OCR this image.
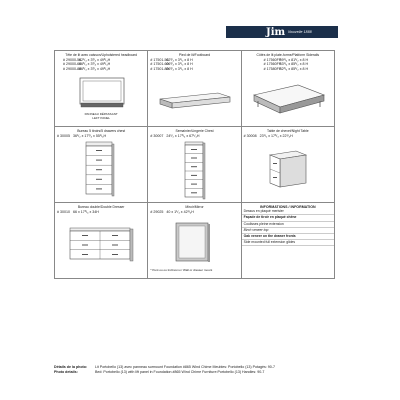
Jim Nouvelle 1888
Tête de lit avec caisson/Upholstered headboard
# 29000-5662¹/₄ x 3³/₄ x 49³/₄H
# 29000-6066³/₄ x 3³/₄ x 49³/₄H
# 29000-8086³/₄ x 3³/₄ x 49³/₄H
PANNEAU DÉPASSANT
LEFT PANEL
Pied de lit/Footboard
# 17501-5662³/₄ x 3¹/₂ x 8 H
# 17501-6066³/₄ x 3¹/₂ x 8 H
# 17501-8086³/₄ x 3¹/₂ x 8 H
Côtés de lit plate-forme/Platform Siderails
# 17560FF59¹/₄ x 81¹/₂ x 8 H
# 17560FF63¹/₄ x 85¹/₂ x 8 H
# 17580FF82³/₄ x 85¹/₂ x 8 H
Bureau 5 tiroirs/5 drawers chest
# 30005 36¹/₂ x 17³/₄ x 55¹/₄H
Semainier/Lingerie Chest
# 30007 24¹/₂ x 17³/₄ x 67¹/₄H
Table de chevet/Night Table
# 30008 23¹/₂ x 17³/₄ x 22¹/₄H
Bureau double/Double Dresser
# 30010 66 x 17³/₄ x 34H
Miroir/Mirror
# 29025 40 x 1¹/₄ x 42¹/₄H
* Pent ou ou Inclinomu / Wall or dresser mount
INFORMATIONS / INFORMATION
Dessus en plaqué merisier
Façade de tiroir en plaqué chêne
Coulisses pleine extension
Birch veneer top
Oak veneer on the drawer fronts
Side mounted full extension glides
Détails de la photo: Lit Portobello (13) avec panneau surmount Foundation #865 Wind Chime Meubles: Portobello (13) Potagès: 90-7
Photo details:	Bed: Portobello (13) with lift panel in Foundation #865 Wind Chime Furniture:Portobello (13) Handles: 90-7
